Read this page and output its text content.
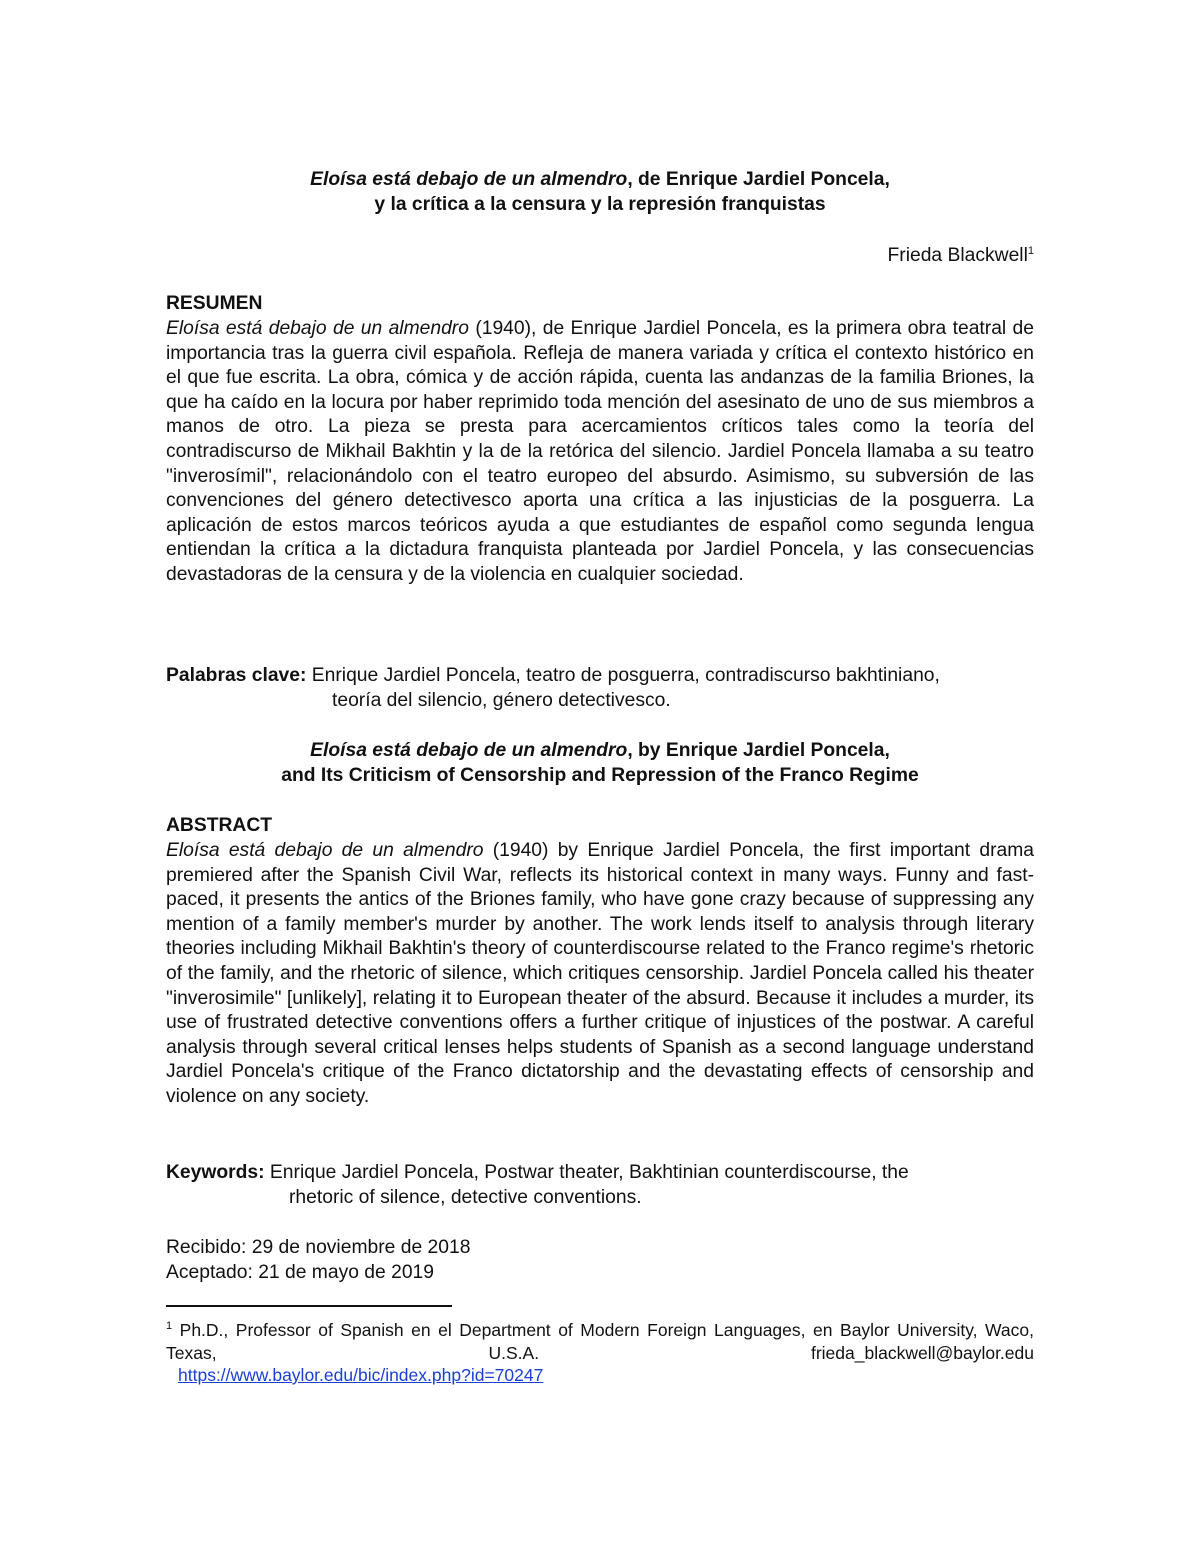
Eloísa está debajo de un almendro, de Enrique Jardiel Poncela,
y la crítica a la censura y la represión franquistas
Frieda Blackwell$^1$
RESUMEN
Eloísa está debajo de un almendro (1940), de Enrique Jardiel Poncela, es la primera obra teatral de importancia tras la guerra civil española. Refleja de manera variada y crítica el contexto histórico en el que fue escrita. La obra, cómica y de acción rápida, cuenta las andanzas de la familia Briones, la que ha caído en la locura por haber reprimido toda mención del asesinato de uno de sus miembros a manos de otro. La pieza se presta para acercamientos críticos tales como la teoría del contradiscurso de Mikhail Bakhtin y la de la retórica del silencio. Jardiel Poncela llamaba a su teatro "inverosímil", relacionándolo con el teatro europeo del absurdo. Asimismo, su subversión de las convenciones del género detectivesco aporta una crítica a las injusticias de la posguerra. La aplicación de estos marcos teóricos ayuda a que estudiantes de español como segunda lengua entiendan la crítica a la dictadura franquista planteada por Jardiel Poncela, y las consecuencias devastadoras de la censura y de la violencia en cualquier sociedad.
Palabras clave: Enrique Jardiel Poncela, teatro de posguerra, contradiscurso bakhtiniano,
teoría del silencio, género detectivesco.
Eloísa está debajo de un almendro, by Enrique Jardiel Poncela,
and Its Criticism of Censorship and Repression of the Franco Regime
ABSTRACT
Eloísa está debajo de un almendro (1940) by Enrique Jardiel Poncela, the first important drama premiered after the Spanish Civil War, reflects its historical context in many ways. Funny and fast-paced, it presents the antics of the Briones family, who have gone crazy because of suppressing any mention of a family member's murder by another. The work lends itself to analysis through literary theories including Mikhail Bakhtin's theory of counterdiscourse related to the Franco regime's rhetoric of the family, and the rhetoric of silence, which critiques censorship. Jardiel Poncela called his theater "inverosimile" [unlikely], relating it to European theater of the absurd. Because it includes a murder, its use of frustrated detective conventions offers a further critique of injustices of the postwar. A careful analysis through several critical lenses helps students of Spanish as a second language understand Jardiel Poncela's critique of the Franco dictatorship and the devastating effects of censorship and violence on any society.
Keywords: Enrique Jardiel Poncela, Postwar theater, Bakhtinian counterdiscourse, the
rhetoric of silence, detective conventions.
Recibido: 29 de noviembre de 2018
Aceptado: 21 de mayo de 2019
$^1$ Ph.D., Professor of Spanish en el Department of Modern Foreign Languages, en Baylor University, Waco, Texas, U.S.A. frieda_blackwell@baylor.edu
https://www.baylor.edu/bic/index.php?id=70247
